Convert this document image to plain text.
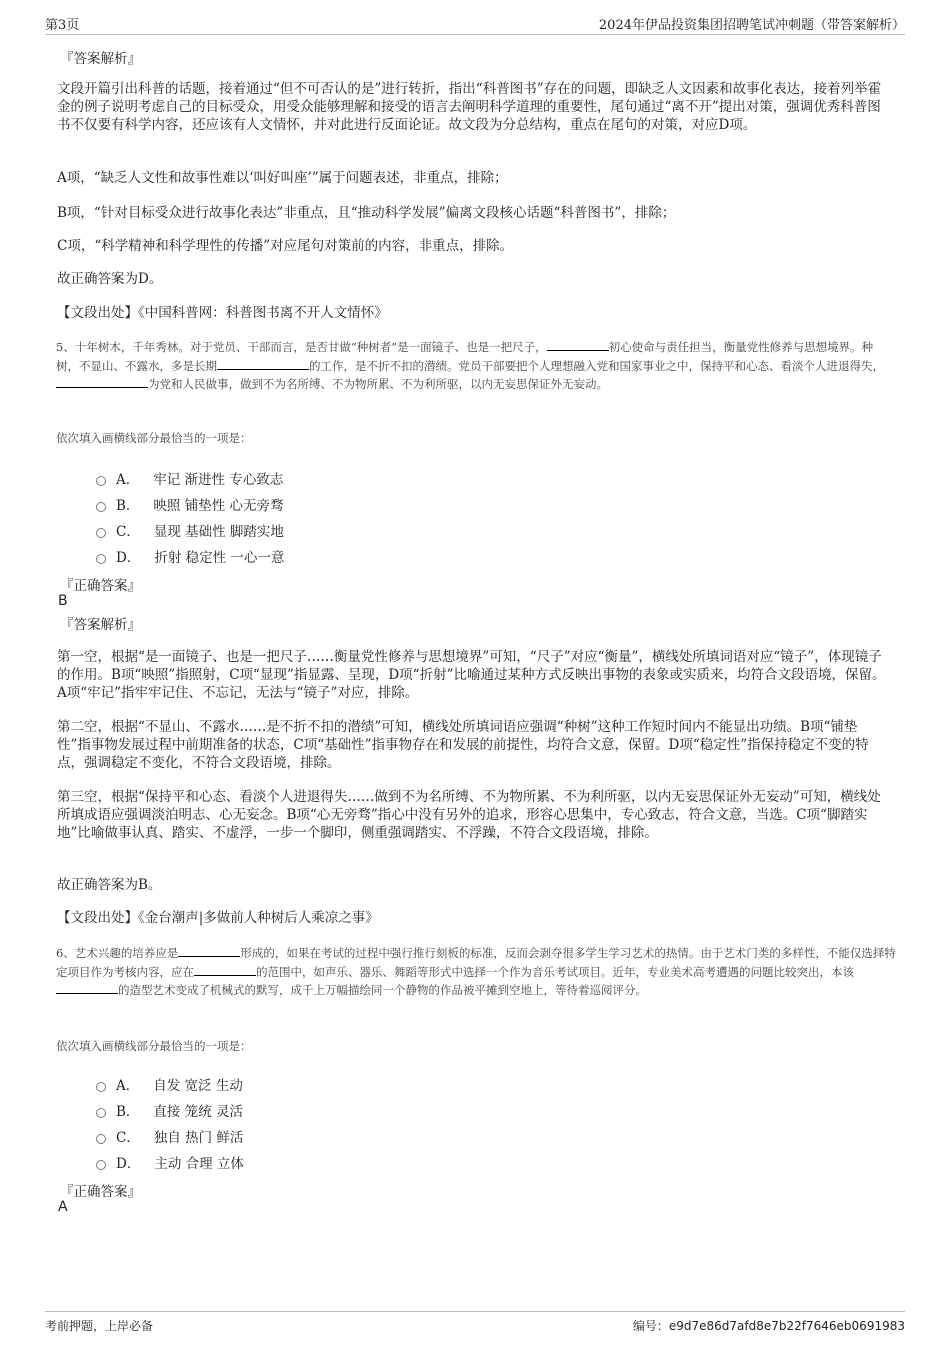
第3页	2024年伊品投资集团招聘笔试冲刺题（带答案解析）
『答案解析』
文段开篇引出科普的话题，接着通过“但不可否认的是”进行转折，指出“科普图书”存在的问题，即缺乏人文因素和故事化表达，接着列举霍金的例子说明考虑自己的目标受众，用受众能够理解和接受的语言去阐明科学道理的重要性，尾句通过“离不开”提出对策，强调优秀科普图书不仅要有科学内容，还应该有人文情怀，并对此进行反面论证。故文段为分总结构，重点在尾句的对策，对应D项。
A项，“缺乏人文性和故事性难以‘叫好叫座’”属于问题表述，非重点，排除；
B项，“针对目标受众进行故事化表达”非重点，且“推动科学发展”偏离文段核心话题“科普图书”，排除；
C项，“科学精神和科学理性的传播”对应尾句对策前的内容，非重点，排除。
故正确答案为D。
【文段出处】《中国科普网：科普图书离不开人文情怀》
5、十年树木，千年秀林。对于党员、干部而言，是否甘做“种树者”是一面镜子、也是一把尺子，	初心使命与责任担当，衡量党性修养与思想境界。种树，不显山、不露水，多是长期	的工作，是不折不扣的潜绩。党员干部要把个人理想融入党和国家事业之中，保持平和心态、看淡个人进退得失，为党和人民做事，做到不为名所缚、不为物所累、不为利所驱，以内无妄思保证外无妄动。
依次填入画横线部分最恰当的一项是：
A． 牢记 渐进性 专心致志
B． 映照 铺垫性 心无旁骛
C． 显现 基础性 脚踏实地
D． 折射 稳定性 一心一意
『正确答案』
B
『答案解析』
第一空，根据“是一面镜子、也是一把尺子……衡量党性修养与思想境界”可知，“尺子”对应“衡量”，横线处所填词语对应“镜子”，体现镜子的作用。B项“映照”指照射，C项“显现”指显露、呈现，D项“折射”比喻通过某种方式反映出事物的表象或实质来，均符合文段语境，保留。A项“牢记”指牢牢记住、不忘记，无法与“镜子”对应，排除。
第二空，根据“不显山、不露水……是不折不扣的潜绩”可知，横线处所填词语应强调“种树”这种工作短时间内不能显出功绩。B项“铺垫性”指事物发展过程中前期准备的状态，C项“基础性”指事物存在和发展的前提性，均符合文意，保留。D项“稳定性”指保持稳定不变的特点，强调稳定不变化，不符合文段语境，排除。
第三空，根据“保持平和心态、看淡个人进退得失……做到不为名所缚、不为物所累、不为利所驱，以内无妄思保证外无妄动”可知，横线处所填成语应强调淡泊明志、心无妄念。B项“心无旁骛”指心中没有另外的追求，形容心思集中，专心致志，符合文意，当选。C项“脚踏实地”比喻做事认真、踏实、不虚浮，一步一个脚印，侧重强调踏实、不浮躁，不符合文段语境，排除。
故正确答案为B。
【文段出处】《金台潮声|多做前人种树后人乘凉之事》
6、艺术兴趣的培养应是	形成的，如果在考试的过程中强行推行刻板的标准，反而会剥夺很多学生学习艺术的热情。由于艺术门类的多样性，不能仅选择特定项目作为考核内容，应在	的范围中，如声乐、器乐、舞蹈等形式中选择一个作为音乐考试项目。近年，专业美术高考遭遇的问题比较突出，本该的造型艺术变成了机械式的默写，成千上万幅描绘同一个静物的作品被平摊到空地上，等待着巡阅评分。
依次填入画横线部分最恰当的一项是：
A． 自发 宽泛 生动
B． 直接 笼统 灵活
C． 独自 热门 鲜活
D． 主动 合理 立体
『正确答案』
A
考前押题，上岸必备	编号：e9d7e86d7afd8e7b22f7646eb0691983
